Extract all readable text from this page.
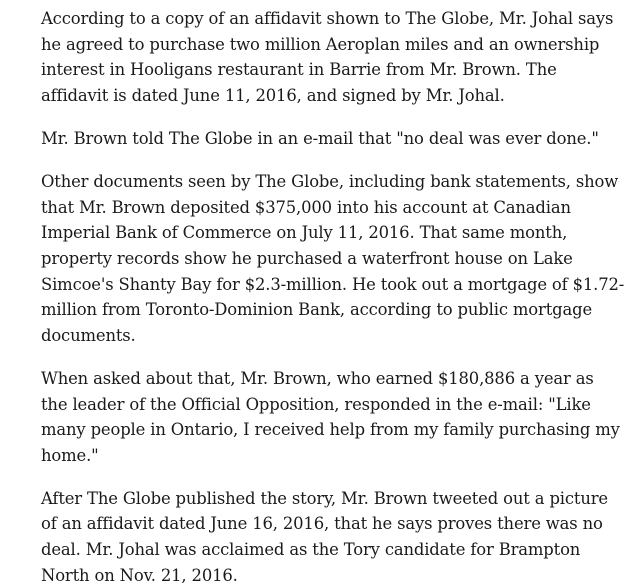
According to a copy of an affidavit shown to The Globe, Mr. Johal says he agreed to purchase two million Aeroplan miles and an ownership interest in Hooligans restaurant in Barrie from Mr. Brown. The affidavit is dated June 11, 2016, and signed by Mr. Johal.

Mr. Brown told The Globe in an e-mail that "no deal was ever done."

Other documents seen by The Globe, including bank statements, show that Mr. Brown deposited $375,000 into his account at Canadian Imperial Bank of Commerce on July 11, 2016. That same month, property records show he purchased a waterfront house on Lake Simcoe's Shanty Bay for $2.3-million. He took out a mortgage of $1.72-million from Toronto-Dominion Bank, according to public mortgage documents.

When asked about that, Mr. Brown, who earned $180,886 a year as the leader of the Official Opposition, responded in the e-mail: "Like many people in Ontario, I received help from my family purchasing my home."

After The Globe published the story, Mr. Brown tweeted out a picture of an affidavit dated June 16, 2016, that he says proves there was no deal. Mr. Johal was acclaimed as the Tory candidate for Brampton North on Nov. 21, 2016.
